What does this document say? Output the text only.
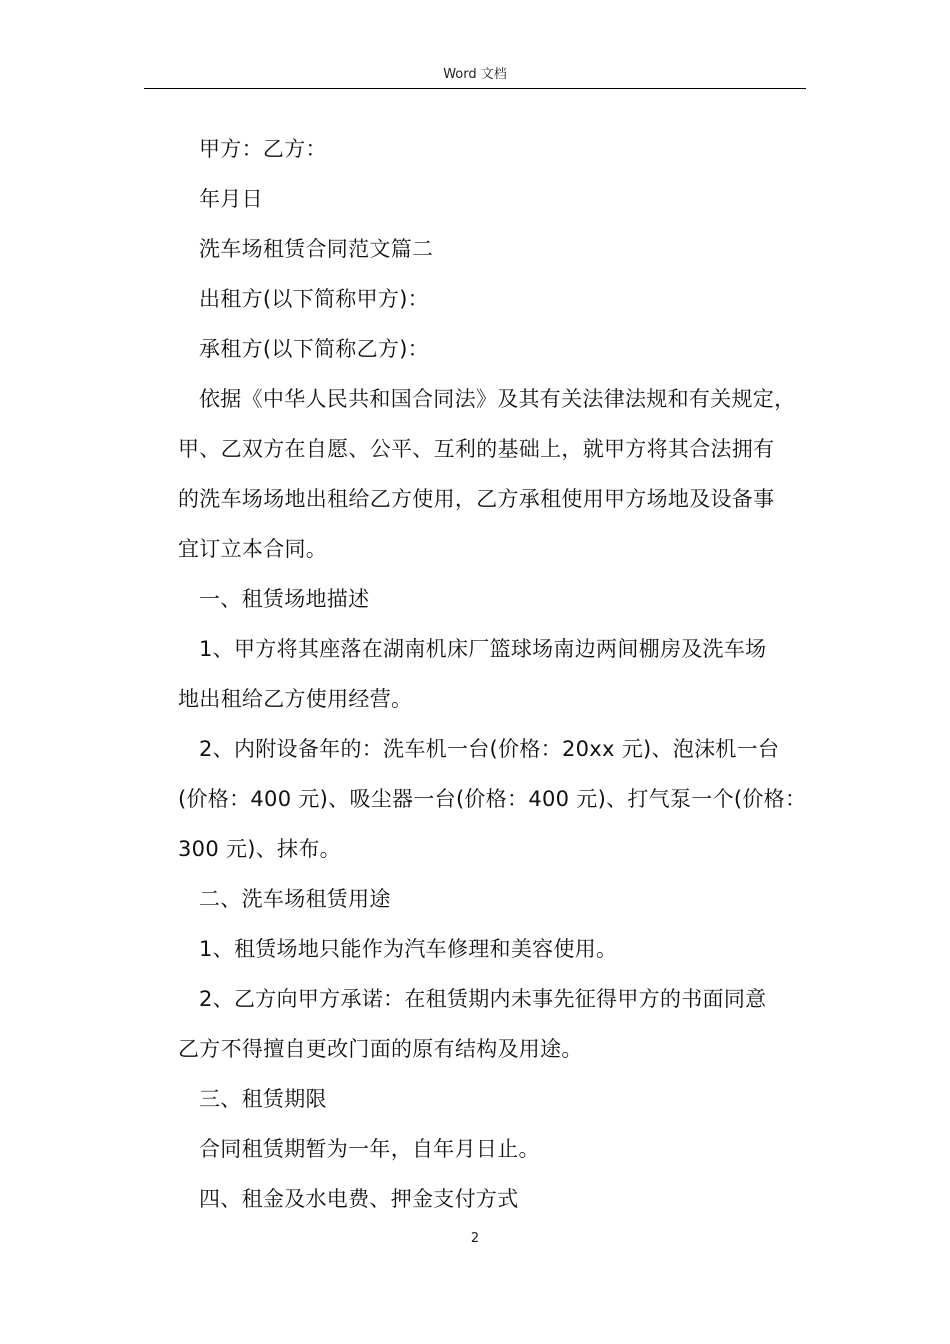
Word 文档

甲方：乙方：

年月日

洗车场租赁合同范文篇二

出租方(以下简称甲方)：

承租方(以下简称乙方)：

依据《中华人民共和国合同法》及其有关法律法规和有关规定，

甲、乙双方在自愿、公平、互利的基础上，就甲方将其合法拥有

的洗车场场地出租给乙方使用，乙方承租使用甲方场地及设备事

宜订立本合同。

一、租赁场地描述

1、甲方将其座落在湖南机床厂篮球场南边两间棚房及洗车场

地出租给乙方使用经营。

2、内附设备年的：洗车机一台(价格：20xx 元)、泡沫机一台

(价格：400 元)、吸尘器一台(价格：400 元)、打气泵一个(价格：

300 元)、抹布。

二、洗车场租赁用途

1、租赁场地只能作为汽车修理和美容使用。

2、乙方向甲方承诺：在租赁期内未事先征得甲方的书面同意

乙方不得擅自更改门面的原有结构及用途。

三、租赁期限

合同租赁期暂为一年，自年月日止。

四、租金及水电费、押金支付方式

2
